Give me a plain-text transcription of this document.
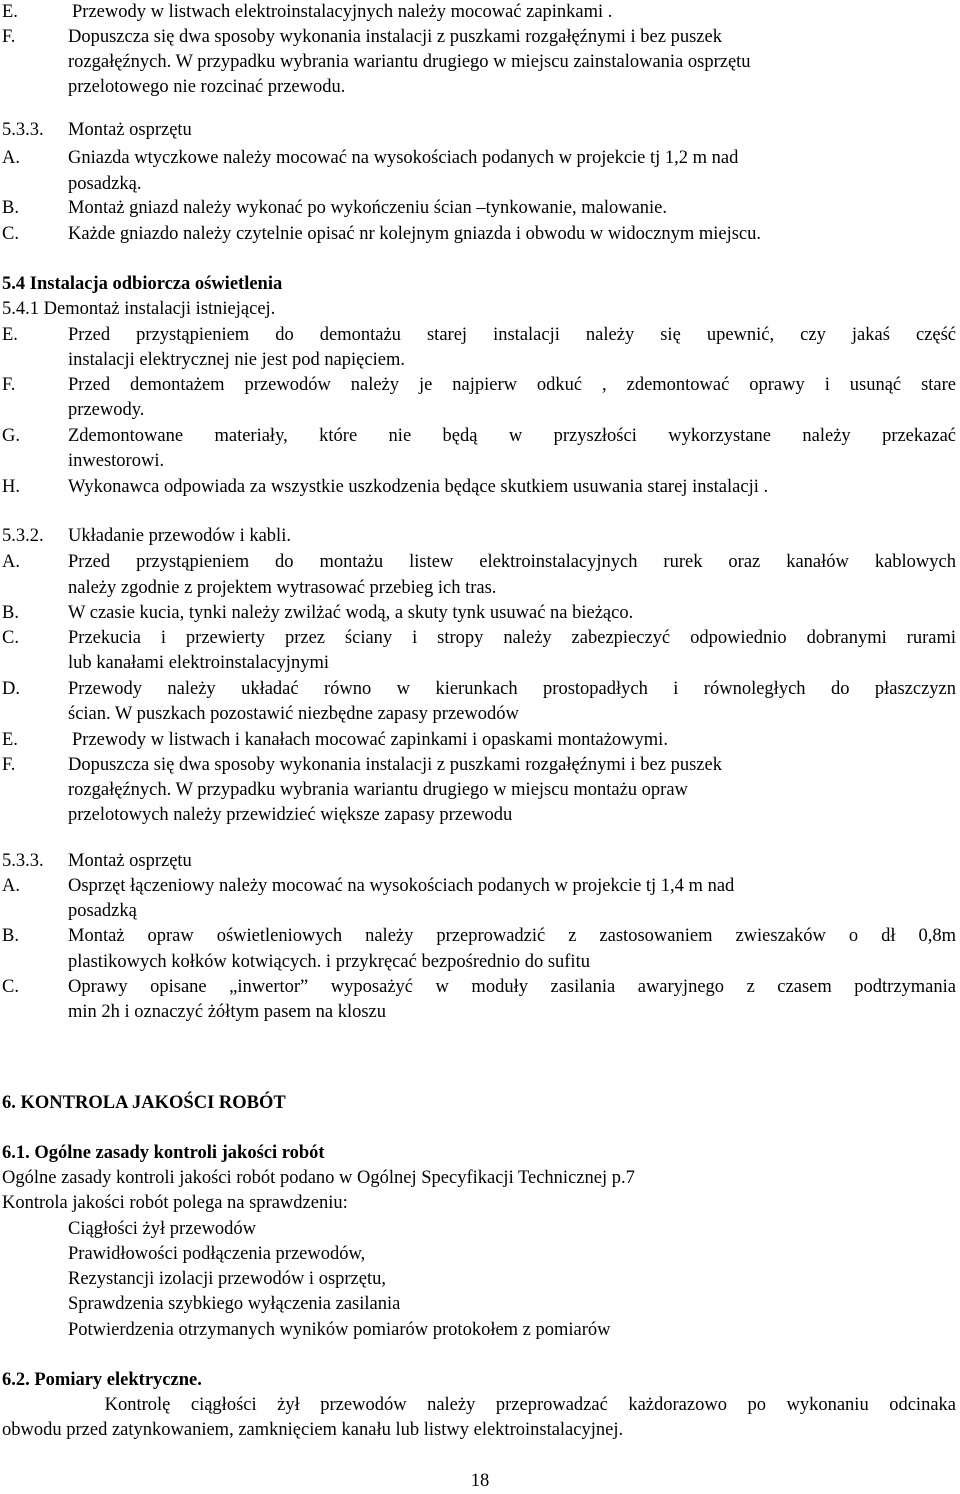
E.	Przewody w listwach elektroinstalacyjnych należy mocować zapinkami .
F.	Dopuszcza się dwa sposoby wykonania instalacji z puszkami rozgałęźnymi i bez puszek
rozgałęźnych. W przypadku wybrania wariantu drugiego w miejscu zainstalowania osprzętu
przelotowego nie rozcinać przewodu.
5.3.3. Montaż osprzętu
A.	Gniazda wtyczkowe należy mocować na wysokościach podanych w projekcie tj 1,2 m nad
posadzką.
B.	Montaż gniazd należy wykonać po wykończeniu ścian –tynkowanie, malowanie.
C.	Każde gniazdo należy czytelnie opisać nr kolejnym gniazda i obwodu w widocznym miejscu.
5.4 Instalacja odbiorcza oświetlenia
5.4.1 Demontaż instalacji istniejącej.
E.	Przed przystąpieniem do demontażu starej instalacji należy się upewnić, czy jakaś część
instalacji elektrycznej nie jest pod napięciem.
F.	Przed demontażem przewodów należy je najpierw odkuć , zdemontować oprawy i usunąć stare
przewody.
G.	Zdemontowane materiały, które nie będą w przyszłości wykorzystane należy przekazać
inwestorowi.
H.	Wykonawca odpowiada za wszystkie uszkodzenia będące skutkiem usuwania starej instalacji .
5.3.2. Układanie przewodów i kabli.
A.	Przed przystąpieniem do montażu listew elektroinstalacyjnych rurek oraz kanałów kablowych
należy zgodnie z projektem wytrasować przebieg ich tras.
B.	W czasie kucia, tynki należy zwilżać wodą, a skuty tynk usuwać na bieżąco.
C.	Przekucia i przewierty przez ściany i stropy należy zabezpieczyć odpowiednio dobranymi rurami
lub kanałami elektroinstalacyjnymi
D.	Przewody należy układać równo w kierunkach prostopadłych i równoległych do płaszczyzn
ścian. W puszkach pozostawić niezbędne zapasy przewodów
E.	Przewody w listwach i kanałach mocować zapinkami i opaskami montażowymi.
F.	Dopuszcza się dwa sposoby wykonania instalacji z puszkami rozgałęźnymi i bez puszek
rozgałęźnych. W przypadku wybrania wariantu drugiego w miejscu montażu opraw
przelotowych należy przewidzieć większe zapasy przewodu
5.3.3. Montaż osprzętu
A.	Osprzęt łączeniowy należy mocować na wysokościach podanych w projekcie tj 1,4 m nad
posadzką
B.	Montaż opraw oświetleniowych należy przeprowadzić z zastosowaniem zwieszaków o dł 0,8m
plastikowych kołków kotwiących. i przykręcać bezpośrednio do sufitu
C.	Oprawy opisane „inwertor” wyposażyć w moduły zasilania awaryjnego z czasem podtrzymania
min 2h i oznaczyć żółtym pasem na kloszu
6. KONTROLA JAKOŚCI ROBÓT
6.1. Ogólne zasady kontroli jakości robót
Ogólne zasady kontroli jakości robót podano w Ogólnej Specyfikacji Technicznej p.7
Kontrola jakości robót polega na sprawdzeniu:
Ciągłości żył przewodów
Prawidłowości podłączenia przewodów,
Rezystancji izolacji przewodów i osprzętu,
Sprawdzenia szybkiego wyłączenia zasilania
Potwierdzenia otrzymanych wyników pomiarów protokołem z pomiarów
6.2. Pomiary elektryczne.
Kontrolę ciągłości żył przewodów należy przeprowadzać każdorazowo po wykonaniu odcinaka
obwodu przed zatynkowaniem, zamknięciem kanału lub listwy elektroinstalacyjnej.
18
